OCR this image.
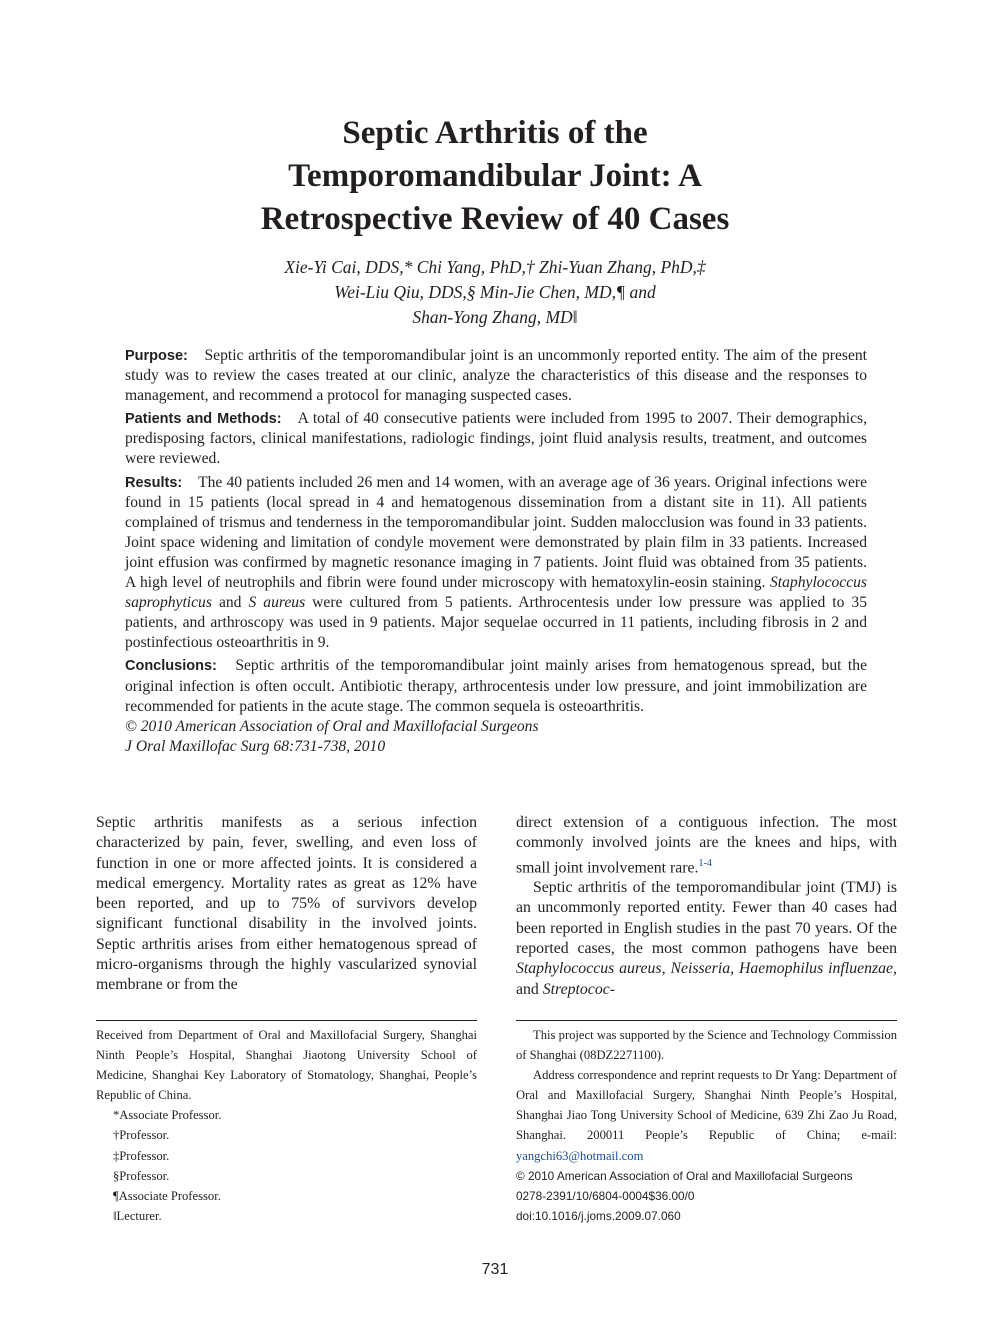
Septic Arthritis of the
Temporomandibular Joint: A
Retrospective Review of 40 Cases
Xie-Yi Cai, DDS,* Chi Yang, PhD,† Zhi-Yuan Zhang, PhD,‡
Wei-Liu Qiu, DDS,§ Min-Jie Chen, MD,¶ and
Shan-Yong Zhang, MD‖

Purpose: Septic arthritis of the temporomandibular joint is an uncommonly reported entity. The aim of the present study was to review the cases treated at our clinic, analyze the characteristics of this disease and the responses to management, and recommend a protocol for managing suspected cases.

Patients and Methods: A total of 40 consecutive patients were included from 1995 to 2007. Their demographics, predisposing factors, clinical manifestations, radiologic findings, joint fluid analysis results, treatment, and outcomes were reviewed.

Results: The 40 patients included 26 men and 14 women, with an average age of 36 years. Original infections were found in 15 patients (local spread in 4 and hematogenous dissemination from a distant site in 11). All patients complained of trismus and tenderness in the temporomandibular joint. Sudden malocclusion was found in 33 patients. Joint space widening and limitation of condyle movement were demonstrated by plain film in 33 patients. Increased joint effusion was confirmed by magnetic resonance imaging in 7 patients. Joint fluid was obtained from 35 patients. A high level of neutrophils and fibrin were found under microscopy with hematoxylin-eosin staining. Staphylococcus saprophyticus and S aureus were cultured from 5 patients. Arthrocentesis under low pressure was applied to 35 patients, and arthroscopy was used in 9 patients. Major sequelae occurred in 11 patients, including fibrosis in 2 and postinfectious osteoarthritis in 9.

Conclusions: Septic arthritis of the temporomandibular joint mainly arises from hematogenous spread, but the original infection is often occult. Antibiotic therapy, arthrocentesis under low pressure, and joint immobilization are recommended for patients in the acute stage. The common sequela is osteoarthritis.

© 2010 American Association of Oral and Maxillofacial Surgeons
J Oral Maxillofac Surg 68:731-738, 2010

Septic arthritis manifests as a serious infection characterized by pain, fever, swelling, and even loss of function in one or more affected joints. It is considered a medical emergency. Mortality rates as great as 12% have been reported, and up to 75% of survivors develop significant functional disability in the involved joints. Septic arthritis arises from either hematogenous spread of micro-organisms through the highly vascularized synovial membrane or from the

direct extension of a contiguous infection. The most commonly involved joints are the knees and hips, with small joint involvement rare.$^{1-4}$

Septic arthritis of the temporomandibular joint (TMJ) is an uncommonly reported entity. Fewer than 40 cases had been reported in English studies in the past 70 years. Of the reported cases, the most common pathogens have been Staphylococcus aureus, Neisseria, Haemophilus influenzae, and Streptococ-

Received from Department of Oral and Maxillofacial Surgery, Shanghai Ninth People’s Hospital, Shanghai Jiaotong University School of Medicine, Shanghai Key Laboratory of Stomatology, Shanghai, People’s Republic of China.

*Associate Professor.

†Professor.

‡Professor.

§Professor.

¶Associate Professor.

‖Lecturer.

This project was supported by the Science and Technology Commission of Shanghai (08DZ2271100).

Address correspondence and reprint requests to Dr Yang: Department of Oral and Maxillofacial Surgery, Shanghai Ninth People’s Hospital, Shanghai Jiao Tong University School of Medicine, 639 Zhi Zao Ju Road, Shanghai. 200011 People’s Republic of China; e-mail: yangchi63@hotmail.com

© 2010 American Association of Oral and Maxillofacial Surgeons
0278-2391/10/6804-0004$36.00/0
doi:10.1016/j.joms.2009.07.060
731
